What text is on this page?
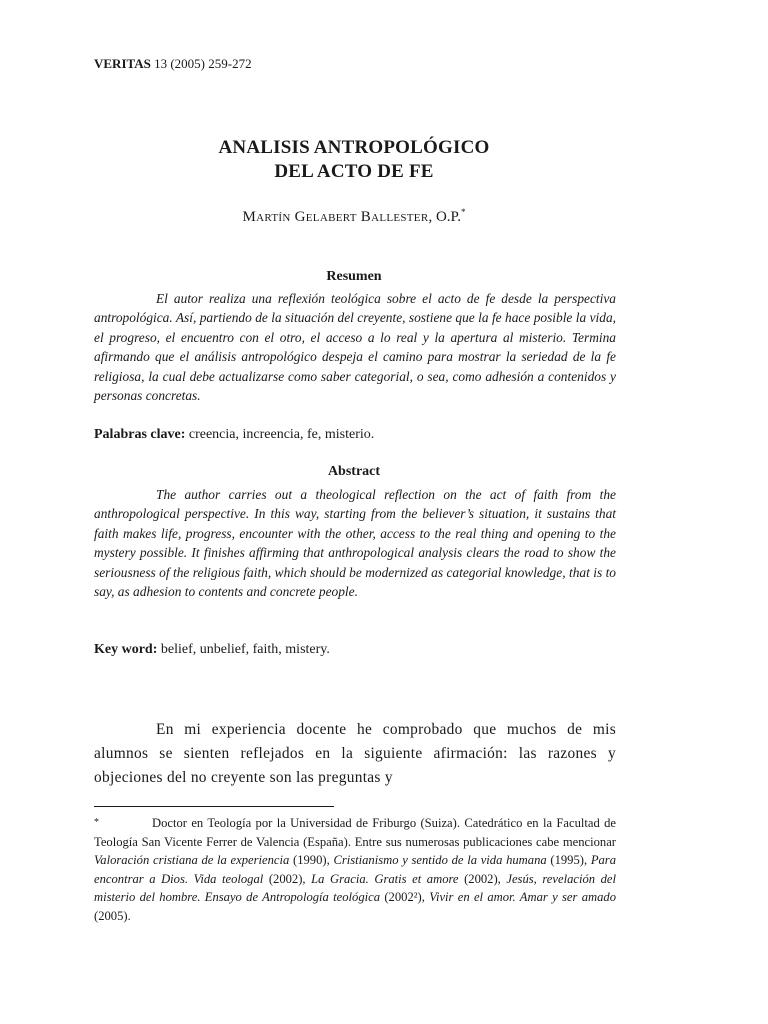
VERITAS 13 (2005) 259-272
ANALISIS ANTROPOLÓGICO
DEL ACTO DE FE
Martín Gelabert Ballester, O.P.*
Resumen

El autor realiza una reflexión teológica sobre el acto de fe desde la perspectiva antropológica. Así, partiendo de la situación del creyente, sostiene que la fe hace posible la vida, el progreso, el encuentro con el otro, el acceso a lo real y la apertura al misterio. Termina afirmando que el análisis antropológico despeja el camino para mostrar la seriedad de la fe religiosa, la cual debe actualizarse como saber categorial, o sea, como adhesión a contenidos y personas concretas.

Palabras clave: creencia, increencia, fe, misterio.
Abstract

The author carries out a theological reflection on the act of faith from the anthropological perspective. In this way, starting from the believer’s situation, it sustains that faith makes life, progress, encounter with the other, access to the real thing and opening to the mystery possible. It finishes affirming that anthropological analysis clears the road to show the seriousness of the religious faith, which should be modernized as categorial knowledge, that is to say, as adhesion to contents and concrete people.

Key word: belief, unbelief, faith, mistery.

En mi experiencia docente he comprobado que muchos de mis alumnos se sienten reflejados en la siguiente afirmación: las razones y objeciones del no creyente son las preguntas y

*	Doctor en Teología por la Universidad de Friburgo (Suiza). Catedrático en la Facultad de Teología San Vicente Ferrer de Valencia (España). Entre sus numerosas publicaciones cabe mencionar Valoración cristiana de la experiencia (1990), Cristianismo y sentido de la vida humana (1995), Para encontrar a Dios. Vida teologal (2002), La Gracia. Gratis et amore (2002), Jesús, revelación del misterio del hombre. Ensayo de Antropología teológica (2002²), Vivir en el amor. Amar y ser amado (2005).
